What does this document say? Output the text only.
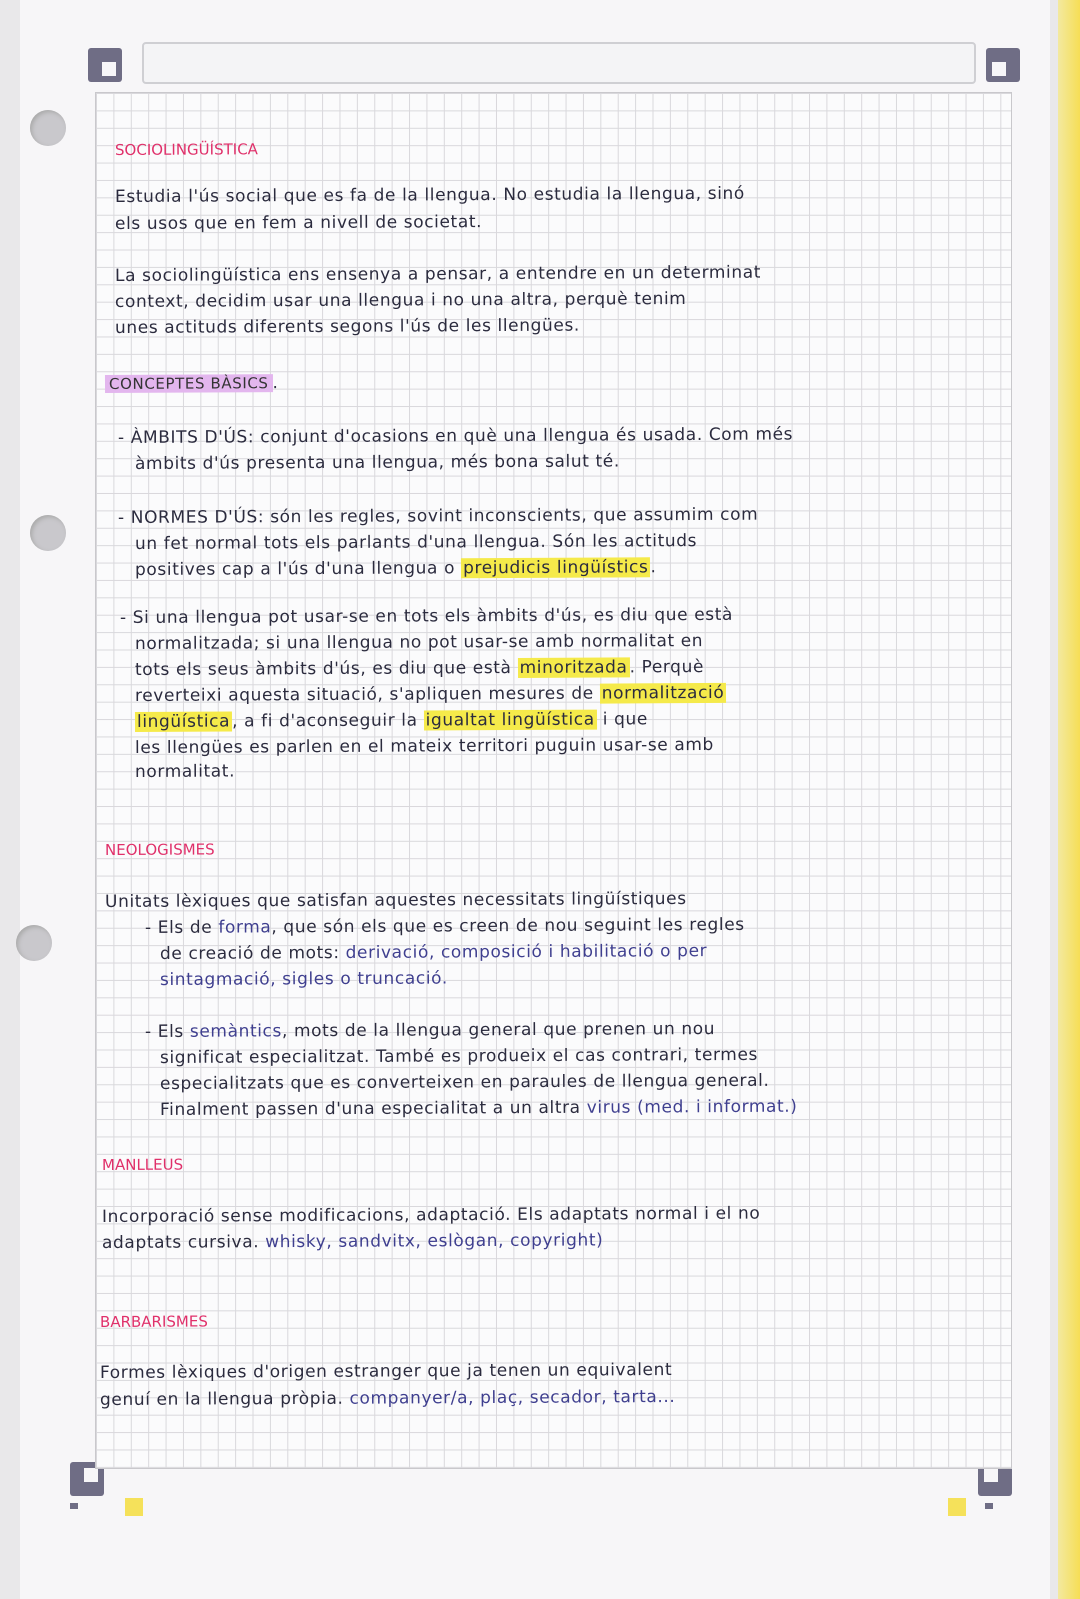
SOCIOLINGÜÍSTICA
Estudia l'ús social que es fa de la llengua. No estudia la llengua, sinó
els usos que en fem a nivell de societat.
La sociolingüística ens ensenya a pensar, a entendre en un determinat
context, decidim usar una llengua i no una altra, perquè tenim
unes actituds diferents segons l'ús de les llengües.
CONCEPTES BÀSICS .
- ÀMBITS D'ÚS: conjunt d'ocasions en què una llengua és usada. Com més
àmbits d'ús presenta una llengua, més bona salut té.
- NORMES D'ÚS: són les regles, sovint inconscients, que assumim com
un fet normal tots els parlants d'una llengua. Són les actituds
positives cap a l'ús d'una llengua o prejudicis lingüístics .
- Si una llengua pot usar-se en tots els àmbits d'ús, es diu que està
normalitzada; si una llengua no pot usar-se amb normalitat en
tots els seus àmbits d'ús, es diu que està minoritzada . Perquè
reverteixi aquesta situació, s'apliquen mesures de normalització
lingüística , a fi d'aconseguir la igualtat lingüística i que
les llengües es parlen en el mateix territori puguin usar-se amb
normalitat.
NEOLOGISMES
Unitats lèxiques que satisfan aquestes necessitats lingüístiques
- Els de forma, que són els que es creen de nou seguint les regles
de creació de mots: derivació, composició i habilitació o per
sintagmació, sigles o truncació.
- Els semàntics, mots de la llengua general que prenen un nou
significat especialitzat. També es produeix el cas contrari, termes
especialitzats que es converteixen en paraules de llengua general.
Finalment passen d'una especialitat a un altra virus (med. i informat.)
MANLLEUS
Incorporació sense modificacions, adaptació. Els adaptats normal i el no
adaptats cursiva. whisky, sandvitx, eslògan, copyright)
BARBARISMES
Formes lèxiques d'origen estranger que ja tenen un equivalent
genuí en la llengua pròpia. companyer/a, plaç, secador, tarta...
